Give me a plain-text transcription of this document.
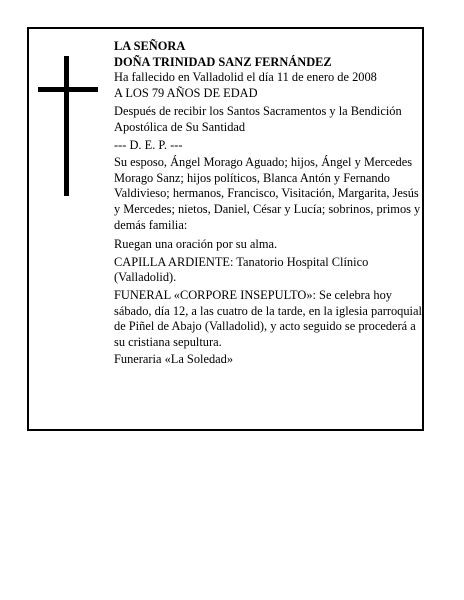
LA SEÑORA

DOÑA TRINIDAD SANZ FERNÁNDEZ

Ha fallecido en Valladolid el día 11 de enero de 2008

A LOS 79 AÑOS DE EDAD

Después de recibir los Santos Sacramentos y la Bendición Apostólica de Su Santidad

--- D. E. P. ---

Su esposo, Ángel Morago Aguado; hijos, Ángel y Mercedes Morago Sanz; hijos políticos, Blanca Antón y Fernando Valdivieso; hermanos, Francisco, Visitación, Margarita, Jesús y Mercedes; nietos, Daniel, César y Lucía; sobrinos, primos y demás familia:

Ruegan una oración por su alma.

CAPILLA ARDIENTE: Tanatorio Hospital Clínico (Valladolid).

FUNERAL «CORPORE INSEPULTO»: Se celebra hoy sábado, día 12, a las cuatro de la tarde, en la iglesia parroquial de Piñel de Abajo (Valladolid), y acto seguido se procederá a su cristiana sepultura.

Funeraria «La Soledad»
